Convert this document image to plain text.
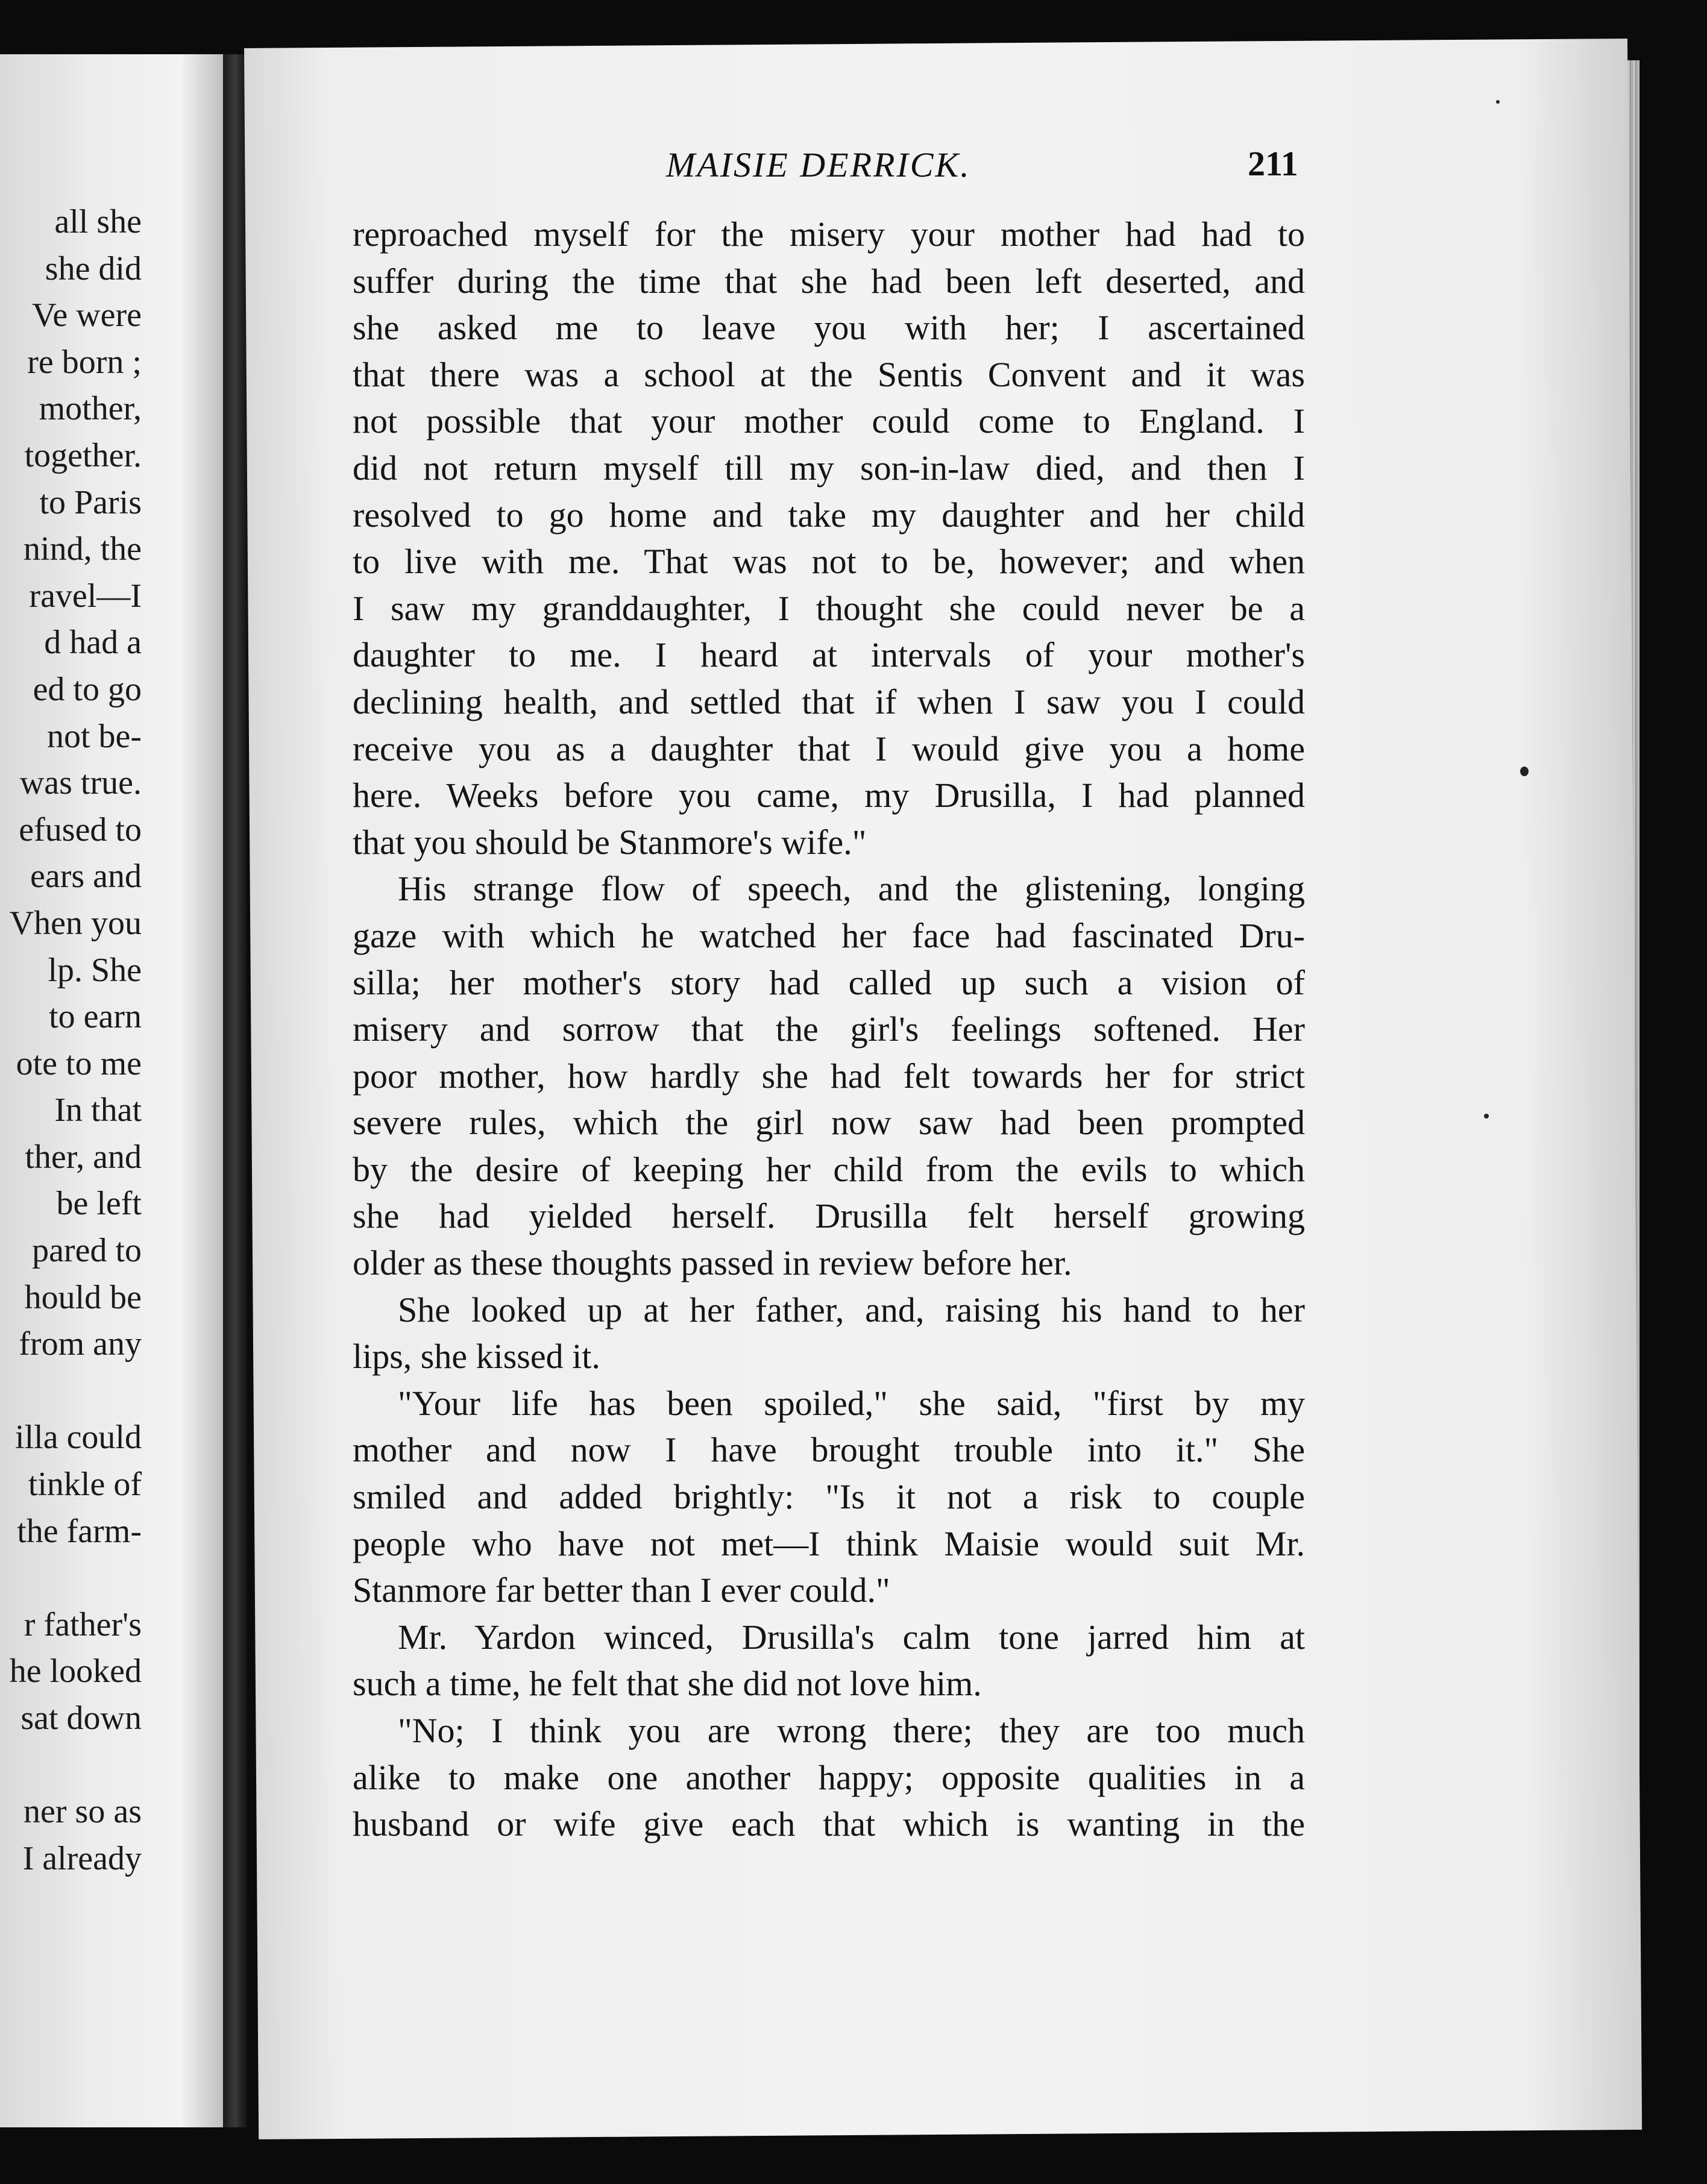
all she
she did
Ve were
re born ;
mother,
together.
to Paris
nind, the
ravel—I
d had a
ed to go
not be-
was true.
efused to
ears and
Vhen you
lp. She
to earn
ote to me
In that
ther, and
be left
pared to
hould be
from any
illa could
tinkle of
the farm-
r father's
he looked
sat down
ner so as
I already
MAISIE DERRICK.	211
reproached myself for the misery your mother had had to
suffer during the time that she had been left deserted, and
she asked me to leave you with her; I ascertained
that there was a school at the Sentis Convent and it was
not possible that your mother could come to England. I
did not return myself till my son-in-law died, and then I
resolved to go home and take my daughter and her child
to live with me. That was not to be, however; and when
I saw my granddaughter, I thought she could never be a
daughter to me. I heard at intervals of your mother's
declining health, and settled that if when I saw you I could
receive you as a daughter that I would give you a home
here. Weeks before you came, my Drusilla, I had planned
that you should be Stanmore's wife."
His strange flow of speech, and the glistening, longing
gaze with which he watched her face had fascinated Dru-
silla; her mother's story had called up such a vision of
misery and sorrow that the girl's feelings softened. Her
poor mother, how hardly she had felt towards her for strict
severe rules, which the girl now saw had been prompted
by the desire of keeping her child from the evils to which
she had yielded herself. Drusilla felt herself growing
older as these thoughts passed in review before her.
She looked up at her father, and, raising his hand to her
lips, she kissed it.
"Your life has been spoiled," she said, "first by my
mother and now I have brought trouble into it." She
smiled and added brightly: "Is it not a risk to couple
people who have not met—I think Maisie would suit Mr.
Stanmore far better than I ever could."
Mr. Yardon winced, Drusilla's calm tone jarred him at
such a time, he felt that she did not love him.
"No; I think you are wrong there; they are too much
alike to make one another happy; opposite qualities in a
husband or wife give each that which is wanting in the
